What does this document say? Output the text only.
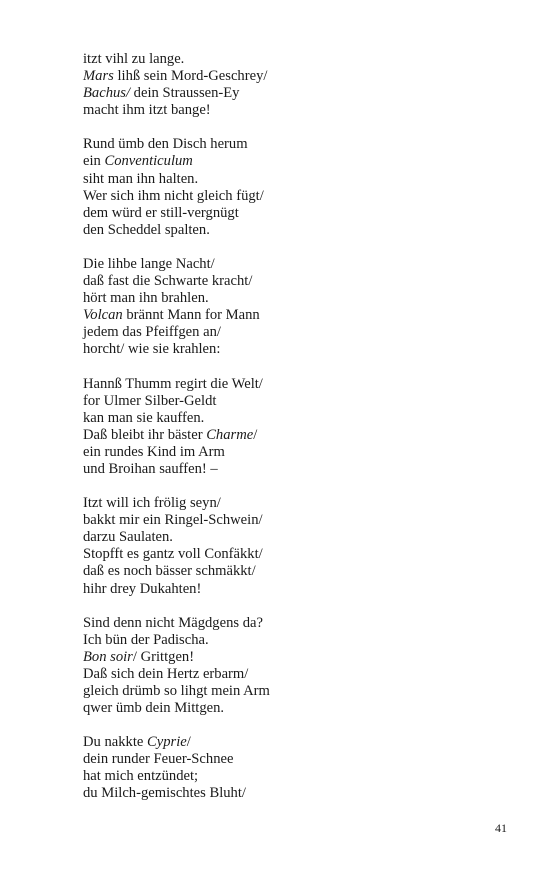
itzt vihl zu lange.
Mars lihß sein Mord-Geschrey/
Bachus/ dein Straussen-Ey
macht ihm itzt bange!
Rund ümb den Disch herum
ein Conventiculum
siht man ihn halten.
Wer sich ihm nicht gleich fügt/
dem würd er still-vergnügt
den Scheddel spalten.
Die lihbe lange Nacht/
daß fast die Schwarte kracht/
hört man ihn brahlen.
Volcan brännt Mann for Mann
jedem das Pfeiffgen an/
horcht/ wie sie krahlen:
Hannß Thumm regirt die Welt/
for Ulmer Silber-Geldt
kan man sie kauffen.
Daß bleibt ihr bäster Charme/
ein rundes Kind im Arm
und Broihan sauffen! –
Itzt will ich frölig seyn/
bakkt mir ein Ringel-Schwein/
darzu Saulaten.
Stopfft es gantz voll Confäkkt/
daß es noch bässer schmäkkt/
hihr drey Dukahten!
Sind denn nicht Mägdgens da?
Ich bün der Padischa.
Bon soir/ Grittgen!
Daß sich dein Hertz erbarm/
gleich drümb so lihgt mein Arm
qwer ümb dein Mittgen.
Du nakkte Cyprie/
dein runder Feuer-Schnee
hat mich entzündet;
du Milch-gemischtes Bluht/
41
